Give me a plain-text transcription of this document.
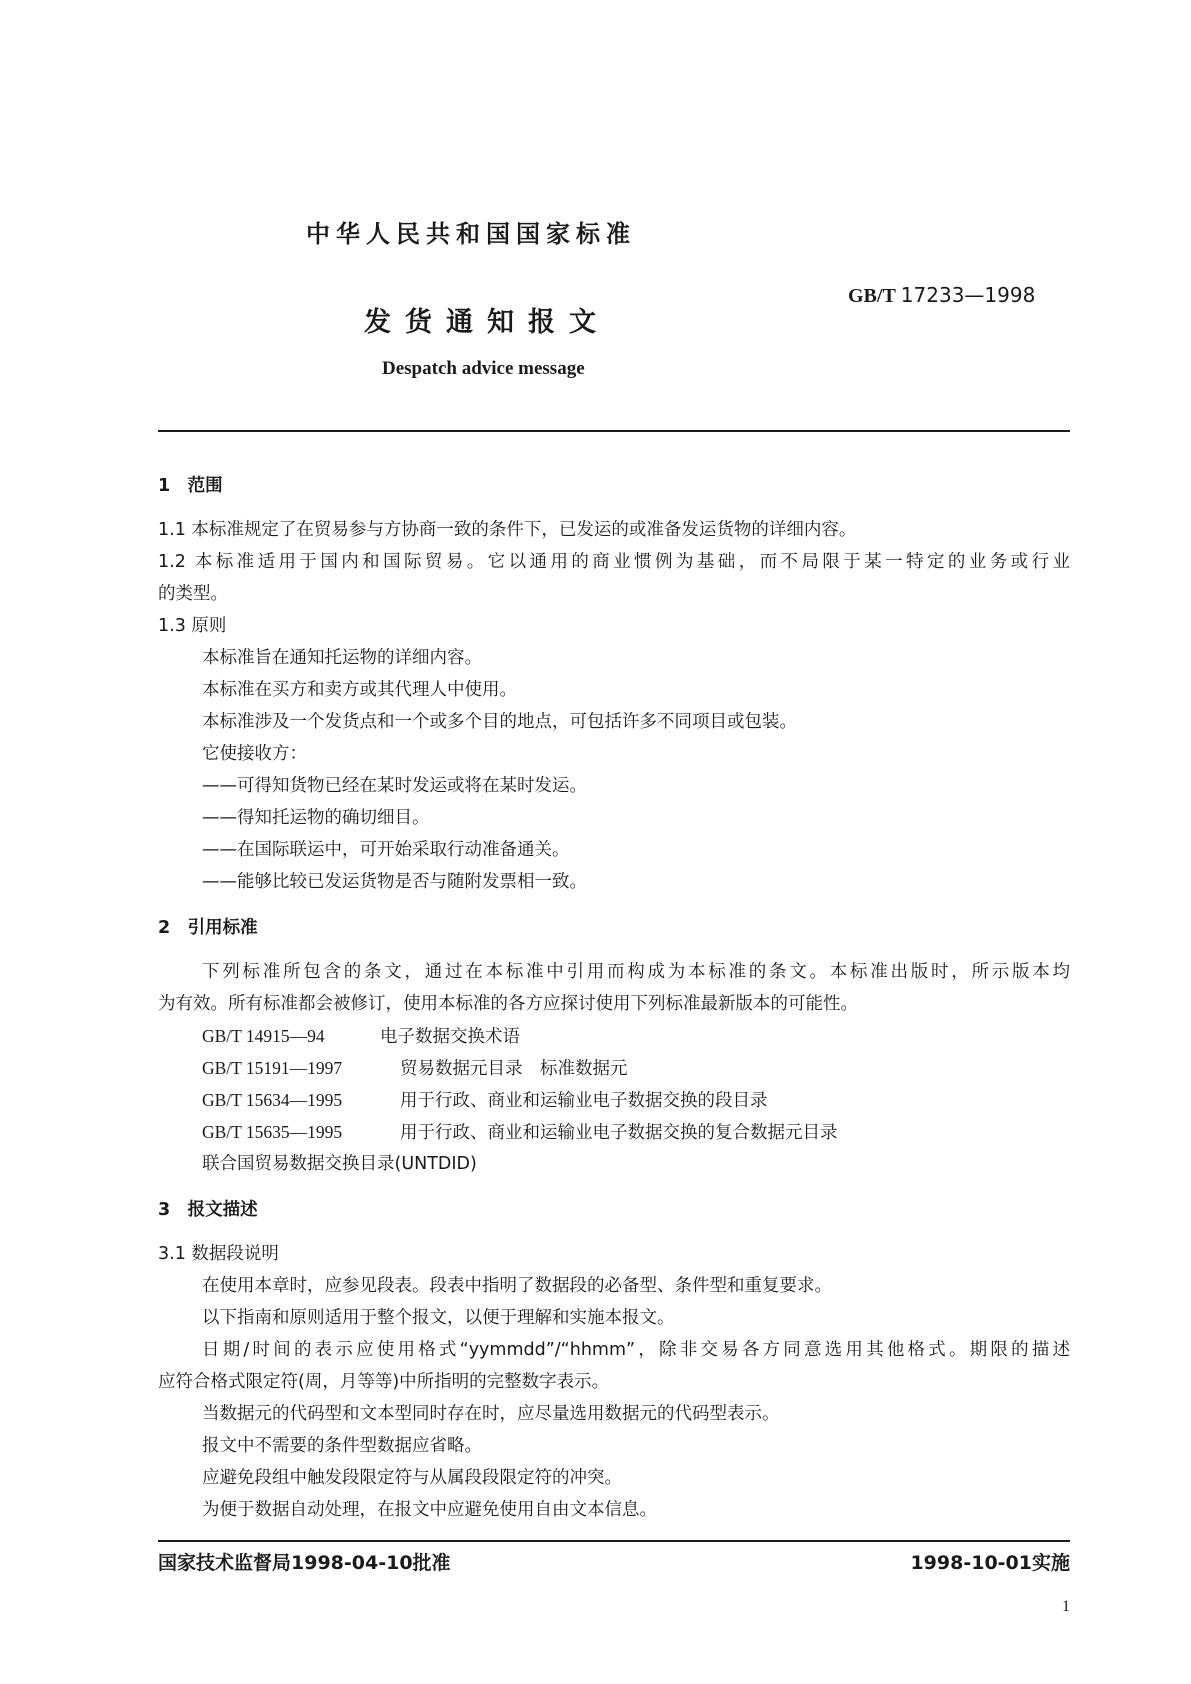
中华人民共和国国家标准
GB/T 17233—1998
发货通知报文
Despatch advice message
1　范围
1.1 本标准规定了在贸易参与方协商一致的条件下，已发运的或准备发运货物的详细内容。
1.2 本标准适用于国内和国际贸易。它以通用的商业惯例为基础，而不局限于某一特定的业务或行业
的类型。
1.3 原则
本标准旨在通知托运物的详细内容。
本标准在买方和卖方或其代理人中使用。
本标准涉及一个发货点和一个或多个目的地点，可包括许多不同项目或包装。
它使接收方：
——可得知货物已经在某时发运或将在某时发运。
——得知托运物的确切细目。
——在国际联运中，可开始采取行动准备通关。
——能够比较已发运货物是否与随附发票相一致。
2　引用标准
下列标准所包含的条文，通过在本标准中引用而构成为本标准的条文。本标准出版时，所示版本均
为有效。所有标准都会被修订，使用本标准的各方应探讨使用下列标准最新版本的可能性。
GB/T 14915—94	电子数据交换术语
GB/T 15191—1997	贸易数据元目录　标准数据元
GB/T 15634—1995	用于行政、商业和运输业电子数据交换的段目录
GB/T 15635—1995	用于行政、商业和运输业电子数据交换的复合数据元目录
联合国贸易数据交换目录(UNTDID)
3　报文描述
3.1 数据段说明
在使用本章时，应参见段表。段表中指明了数据段的必备型、条件型和重复要求。
以下指南和原则适用于整个报文，以便于理解和实施本报文。
日期/时间的表示应使用格式“yymmdd”/“hhmm”，除非交易各方同意选用其他格式。期限的描述
应符合格式限定符(周，月等等)中所指明的完整数字表示。
当数据元的代码型和文本型同时存在时，应尽量选用数据元的代码型表示。
报文中不需要的条件型数据应省略。
应避免段组中触发段限定符与从属段段限定符的冲突。
为便于数据自动处理，在报文中应避免使用自由文本信息。
国家技术监督局1998-04-10批准	1998-10-01实施
1
